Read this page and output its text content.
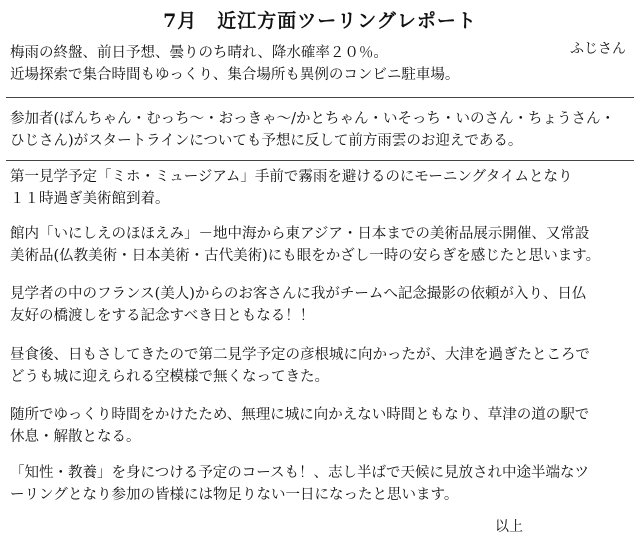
7月　近江方面ツーリングレポート
ふじさん
梅雨の終盤、前日予想、曇りのち晴れ、降水確率２０％。
近場探索で集合時間もゆっくり、集合場所も異例のコンビニ駐車場。
参加者(ばんちゃん・むっち～・おっきゃ～/かとちゃん・いそっち・いのさん・ちょうさん・
ひじさん)がスタートラインについても予想に反して前方雨雲のお迎えである。
第一見学予定「ミホ・ミュージアム」手前で霧雨を避けるのにモーニングタイムとなり
１１時過ぎ美術館到着。
館内「いにしえのほほえみ」－地中海から東アジア・日本までの美術品展示開催、又常設
美術品(仏教美術・日本美術・古代美術)にも眼をかざし一時の安らぎを感じたと思います。
見学者の中のフランス(美人)からのお客さんに我がチームへ記念撮影の依頼が入り、日仏
友好の橋渡しをする記念すべき日ともなる！！
昼食後、日もさしてきたので第二見学予定の彦根城に向かったが、大津を過ぎたところで
どうも城に迎えられる空模様で無くなってきた。
随所でゆっくり時間をかけたため、無理に城に向かえない時間ともなり、草津の道の駅で
休息・解散となる。
「知性・教養」を身につける予定のコースも！、志し半ばで天候に見放され中途半端なツ
ーリングとなり参加の皆様には物足りない一日になったと思います。
以上
